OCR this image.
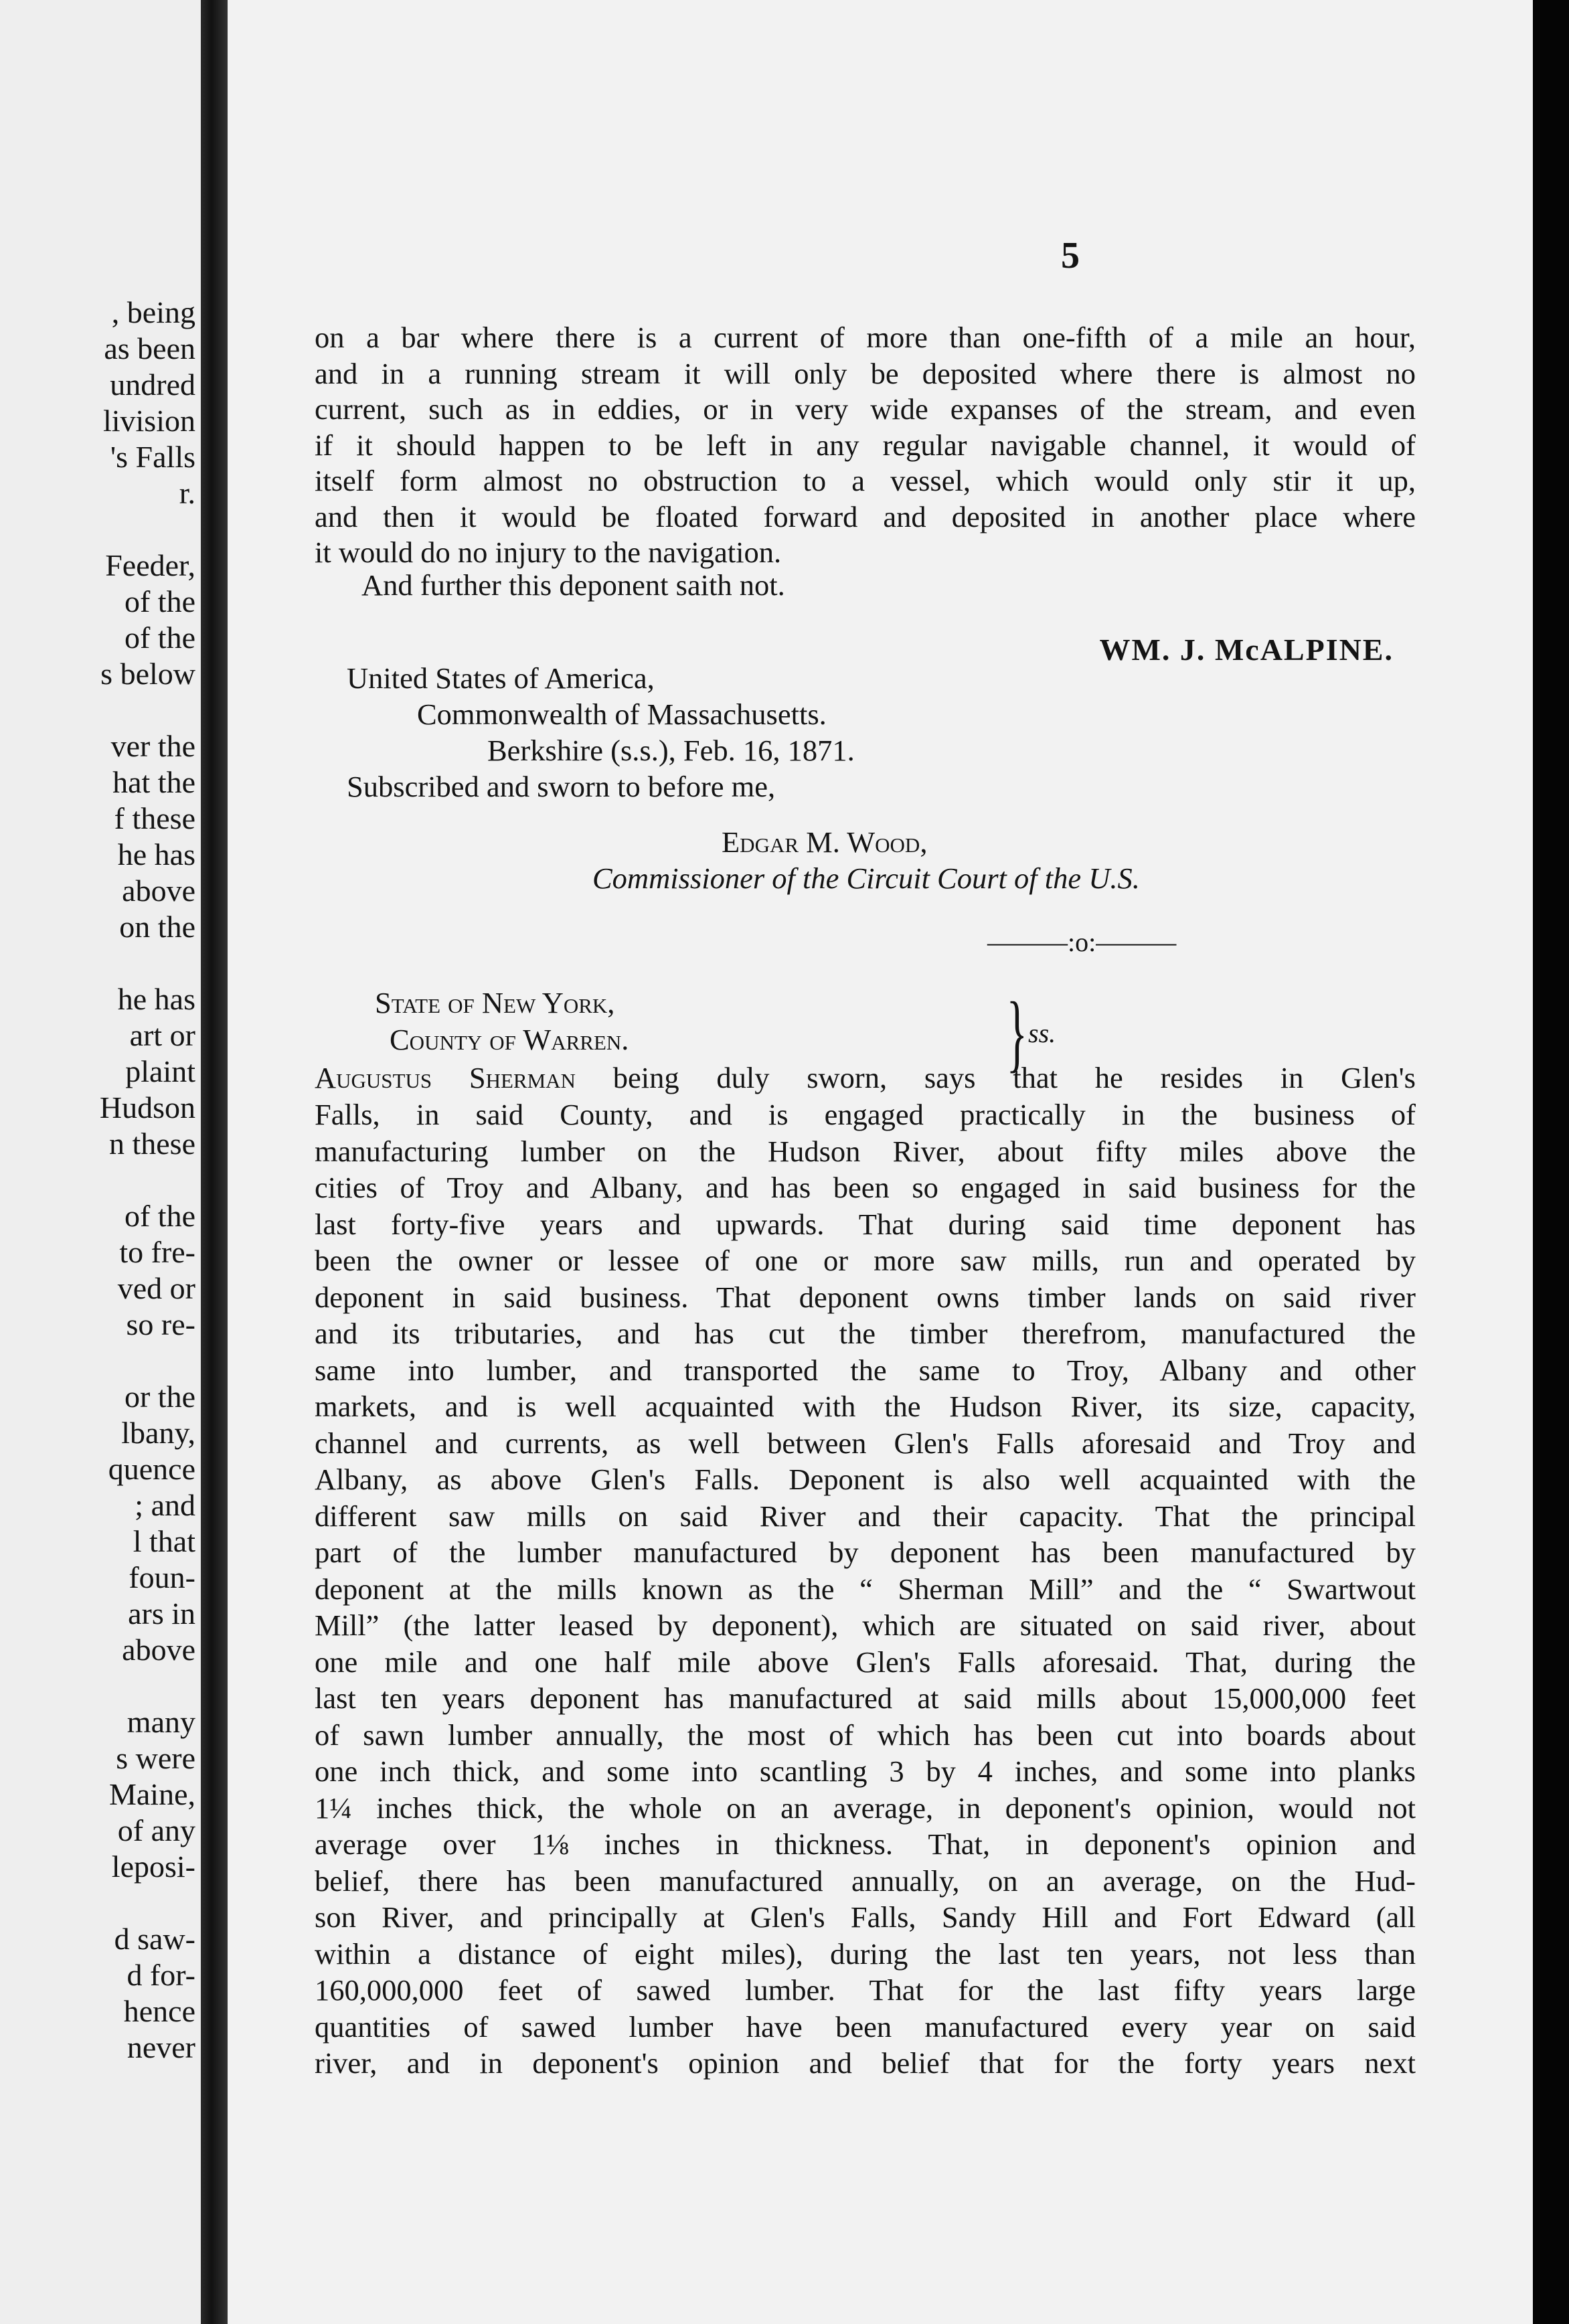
, being
as been
undred
livision
's Falls
r.
Feeder,
of the
of the
s below
ver the
hat the
f these
he has
above
on the
he has
art or
plaint
Hudson
n these
of the
to fre-
ved or
so re-
or the
lbany,
quence
; and
l that
foun-
ars in
above
many
s were
Maine,
of any
leposi-
d saw-
d for-
hence
never
5
on a bar where there is a current of more than one-fifth of a mile an hour,
and in a running stream it will only be deposited where there is almost no
current, such as in eddies, or in very wide expanses of the stream, and even
if it should happen to be left in any regular navigable channel, it would of
itself form almost no obstruction to a vessel, which would only stir it up,
and then it would be floated forward and deposited in another place where
it would do no injury to the navigation.
And further this deponent saith not.
WM. J. McALPINE.
United States of America,
Commonwealth of Massachusetts.
Berkshire (s.s.), Feb. 16, 1871.
Subscribed and sworn to before me,
Edgar M. Wood,
Commissioner of the Circuit Court of the U.S.
———:o:———
State of New York,
County of Warren.	} ss.
Augustus Sherman being duly sworn, says that he resides in Glen's
Falls, in said County, and is engaged practically in the business of
manufacturing lumber on the Hudson River, about fifty miles above the
cities of Troy and Albany, and has been so engaged in said business for the
last forty-five years and upwards. That during said time deponent has
been the owner or lessee of one or more saw mills, run and operated by
deponent in said business. That deponent owns timber lands on said river
and its tributaries, and has cut the timber therefrom, manufactured the
same into lumber, and transported the same to Troy, Albany and other
markets, and is well acquainted with the Hudson River, its size, capacity,
channel and currents, as well between Glen's Falls aforesaid and Troy and
Albany, as above Glen's Falls. Deponent is also well acquainted with the
different saw mills on said River and their capacity. That the principal
part of the lumber manufactured by deponent has been manufactured by
deponent at the mills known as the “ Sherman Mill” and the “ Swartwout
Mill” (the latter leased by deponent), which are situated on said river, about
one mile and one half mile above Glen's Falls aforesaid. That, during the
last ten years deponent has manufactured at said mills about 15,000,000 feet
of sawn lumber annually, the most of which has been cut into boards about
one inch thick, and some into scantling 3 by 4 inches, and some into planks
1¼ inches thick, the whole on an average, in deponent's opinion, would not
average over 1⅛ inches in thickness. That, in deponent's opinion and
belief, there has been manufactured annually, on an average, on the Hud-
son River, and principally at Glen's Falls, Sandy Hill and Fort Edward (all
within a distance of eight miles), during the last ten years, not less than
160,000,000 feet of sawed lumber. That for the last fifty years large
quantities of sawed lumber have been manufactured every year on said
river, and in deponent's opinion and belief that for the forty years next
